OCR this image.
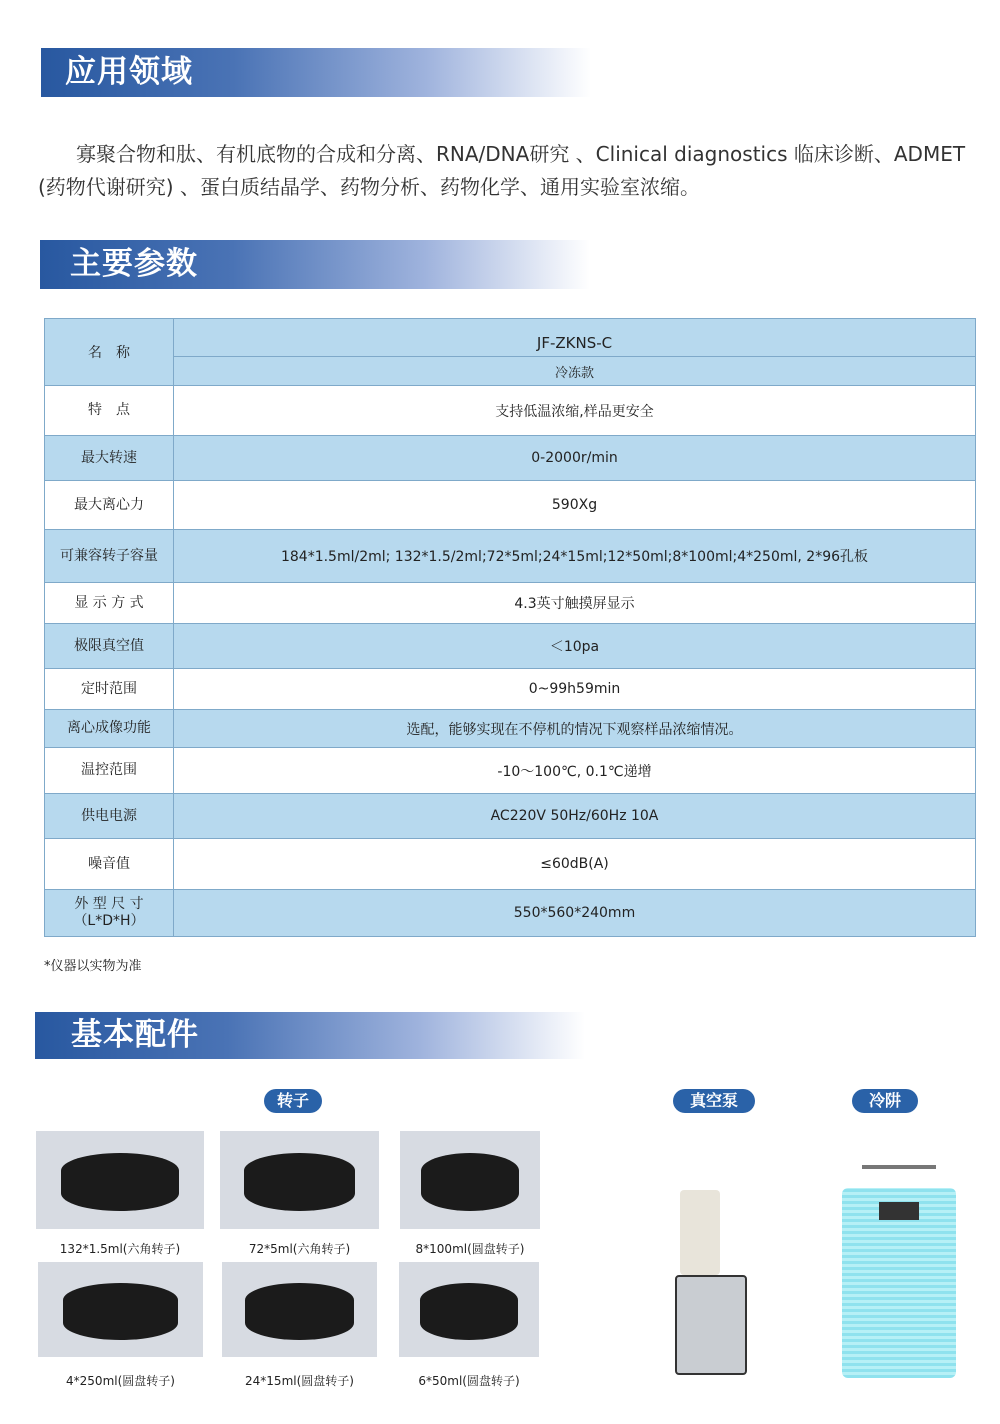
应用领域

寡聚合物和肽、有机底物的合成和分离、RNA/DNA研究 、Clinical diagnostics 临床诊断、ADMET (药物代谢研究) 、蛋白质结晶学、药物分析、药物化学、通用实验室浓缩。

主要参数
名　称	JF-ZKNS-C
	冷冻款
特　点	支持低温浓缩,样品更安全
最大转速	0-2000r/min
最大离心力	590Xg
可兼容转子容量	184*1.5ml/2ml; 132*1.5/2ml;72*5ml;24*15ml;12*50ml;8*100ml;4*250ml, 2*96孔板
显 示 方 式	4.3英寸触摸屏显示
极限真空值	＜10pa
定时范围	0~99h59min
离心成像功能	选配，能够实现在不停机的情况下观察样品浓缩情况。
温控范围	-10～100℃, 0.1℃递增
供电电源	AC220V 50Hz/60Hz 10A
噪音值	≤60dB(A)
外 型 尺 寸
（L*D*H）	550*560*240mm
*仪器以实物为准
基本配件
转子	真空泵	冷阱
132*1.5ml(六角转子)	72*5ml(六角转子)	8*100ml(圆盘转子)
4*250ml(圆盘转子)	24*15ml(圆盘转子)	6*50ml(圆盘转子)
